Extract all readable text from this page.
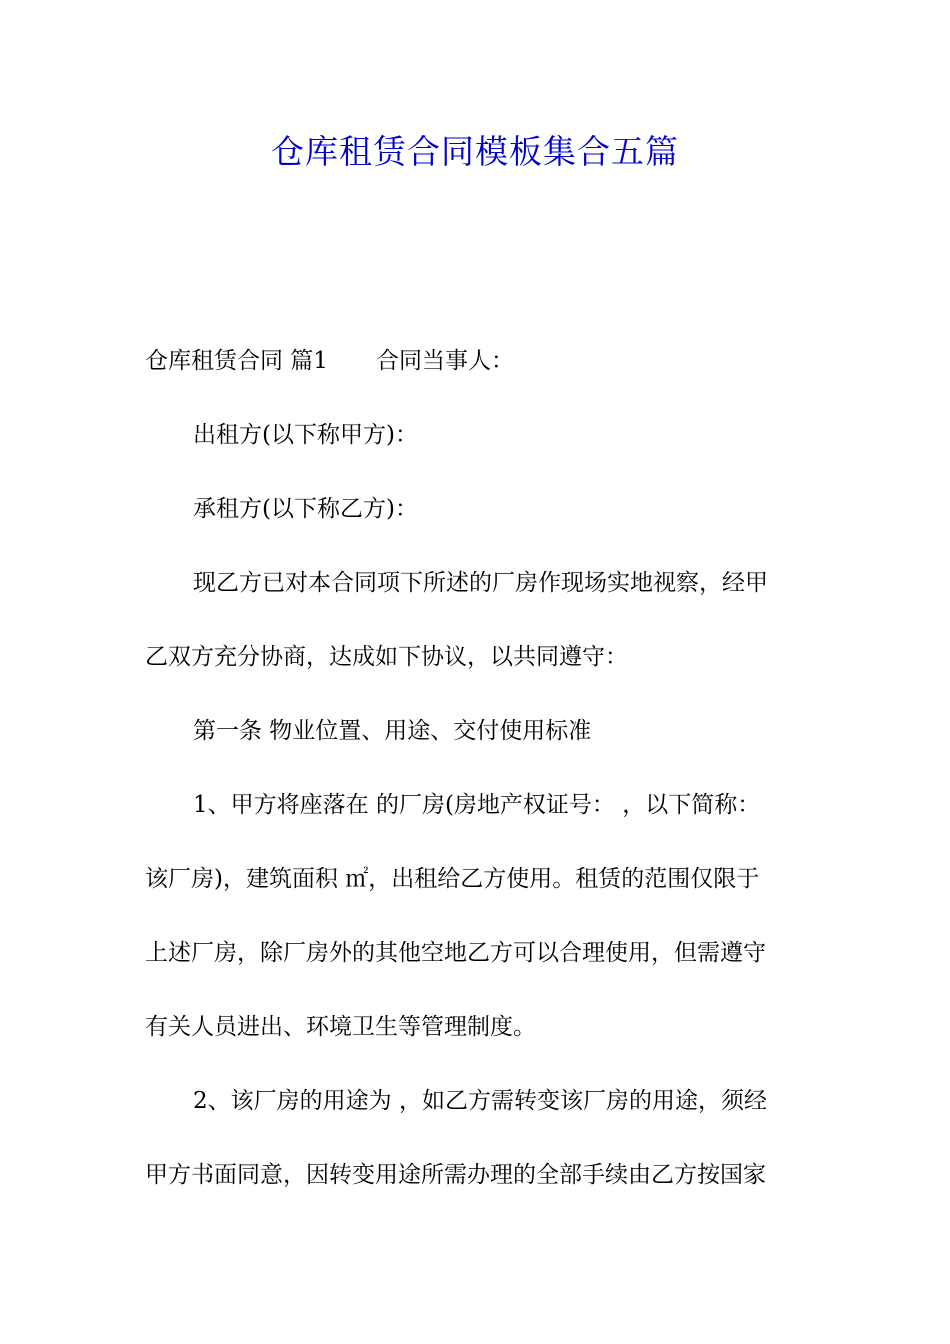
仓库租赁合同模板集合五篇

仓库租赁合同 篇1 合同当事人：

出租方(以下称甲方)：

承租方(以下称乙方)：

现乙方已对本合同项下所述的厂房作现场实地视察，经甲
乙双方充分协商，达成如下协议，以共同遵守：

第一条 物业位置、用途、交付使用标准

1、甲方将座落在 的厂房(房地产权证号： ，以下简称：
该厂房)，建筑面积 ㎡，出租给乙方使用。租赁的范围仅限于
上述厂房，除厂房外的其他空地乙方可以合理使用，但需遵守
有关人员进出、环境卫生等管理制度。
2、该厂房的用途为 ，如乙方需转变该厂房的用途，须经
甲方书面同意，因转变用途所需办理的全部手续由乙方按国家
